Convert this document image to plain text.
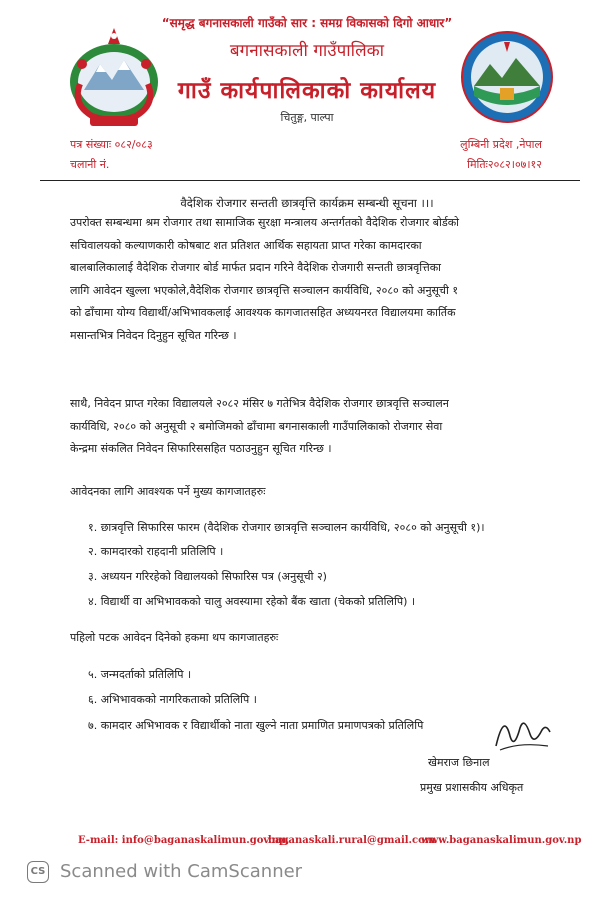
“समृद्ध बगनासकाली गाउँको सार : समग्र विकासको दिगो आधार”
बगनासकाली गाउँपालिका
गाउँ कार्यपालिकाको कार्यालय
चितुङ्ग, पाल्पा
पत्र संख्याः ०८२/०८३
चलानी नं.
लुम्बिनी प्रदेश ,नेपाल
मितिः२०८२।०७।१२
वैदेशिक रोजगार सन्तती छात्रवृत्ति कार्यक्रम सम्बन्धी सूचना ।।।
उपरोक्त सम्बन्धमा श्रम रोजगार तथा सामाजिक सुरक्षा मन्त्रालय अन्तर्गतको वैदेशिक रोजगार बोर्डको
सचिवालयको कल्याणकारी कोषबाट शत प्रतिशत आर्थिक सहायता प्राप्त गरेका कामदारका
बालबालिकालाई वैदेशिक रोजगार बोर्ड मार्फत प्रदान गरिने वैदेशिक रोजगारी सन्तती छात्रवृत्तिका
लागि आवेदन खुल्ला भएकोले,वैदेशिक रोजगार छात्रवृत्ति सञ्चालन कार्यविधि, २०८० को अनुसूची १
को ढाँचामा योग्य विद्यार्थी/अभिभावकलाई आवश्यक कागजातसहित अध्ययनरत विद्यालयमा कार्तिक
मसान्तभित्र निवेदन दिनुहुन सूचित गरिन्छ ।
साथै, निवेदन प्राप्त गरेका विद्यालयले २०८२ मंसिर ७ गतेभित्र वैदेशिक रोजगार छात्रवृत्ति सञ्चालन
कार्यविधि, २०८० को अनुसूची २ बमोजिमको ढाँचामा बगनासकाली गाउँपालिकाको रोजगार सेवा
केन्द्रमा संकलित निवेदन सिफारिससहित पठाउनुहुन सूचित गरिन्छ ।
आवेदनका लागि आवश्यक पर्ने मुख्य कागजातहरुः
१. छात्रवृत्ति सिफारिस फारम (वैदेशिक रोजगार छात्रवृत्ति सञ्चालन कार्यविधि, २०८० को अनुसूची १)।
२. कामदारको राहदानी प्रतिलिपि ।
३. अध्ययन गरिरहेको विद्यालयको सिफारिस पत्र (अनुसूची २)
४. विद्यार्थी वा अभिभावकको चालु अवस्यामा रहेको बैंक खाता (चेकको प्रतिलिपि) ।
पहिलो पटक आवेदन दिनेको हकमा थप कागजातहरुः
५. जन्मदर्ताको प्रतिलिपि ।
६. अभिभावकको नागरिकताको प्रतिलिपि ।
७. कामदार अभिभावक र विद्यार्थीको नाता खुल्ने नाता प्रमाणित प्रमाणपत्रको प्रतिलिपि
खेमराज छिनाल
प्रमुख प्रशासकीय अधिकृत
E-mail: info@baganaskalimun.gov.np,
baganaskali.rural@gmail.com
www.baganaskalimun.gov.np
CS Scanned with CamScanner
